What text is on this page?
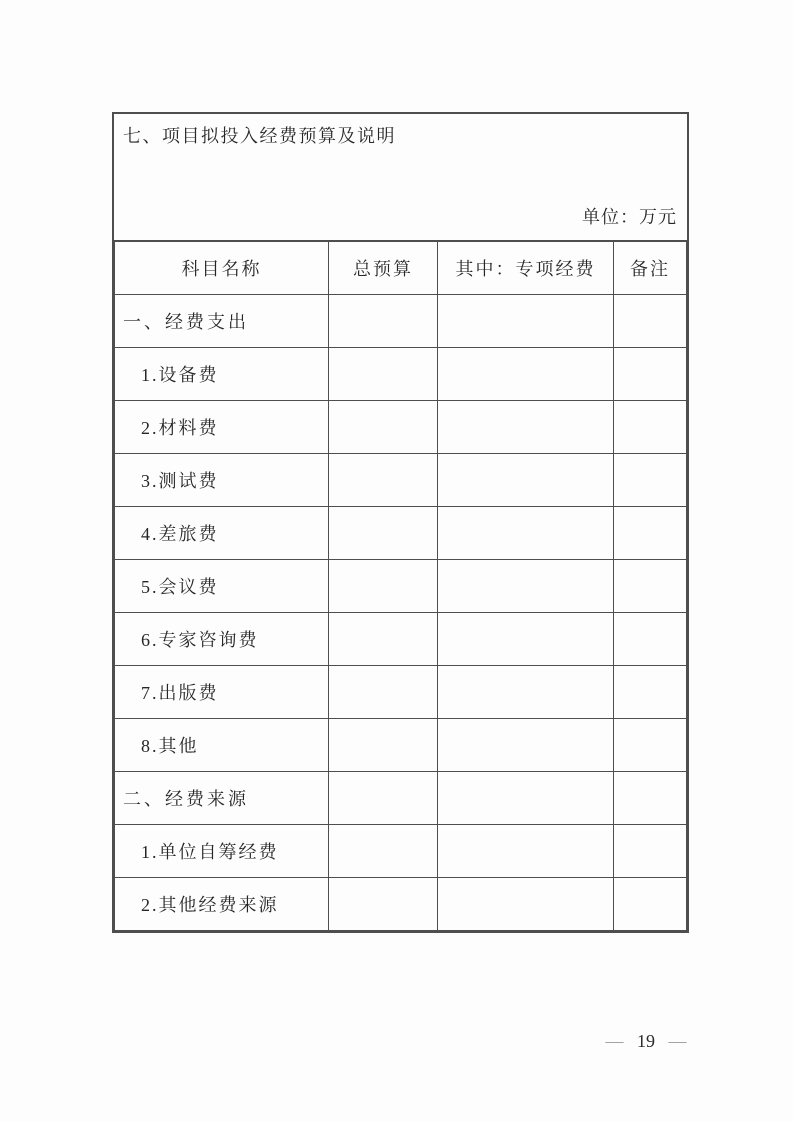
七、项目拟投入经费预算及说明
单位：万元
科目名称	总预算	其中：专项经费	备注
一、经费支出			
1.设备费			
2.材料费			
3.测试费			
4.差旅费			
5.会议费			
6.专家咨询费			
7.出版费			
8.其他			
二、经费来源			
1.单位自筹经费			
2.其他经费来源			
— 19 —
